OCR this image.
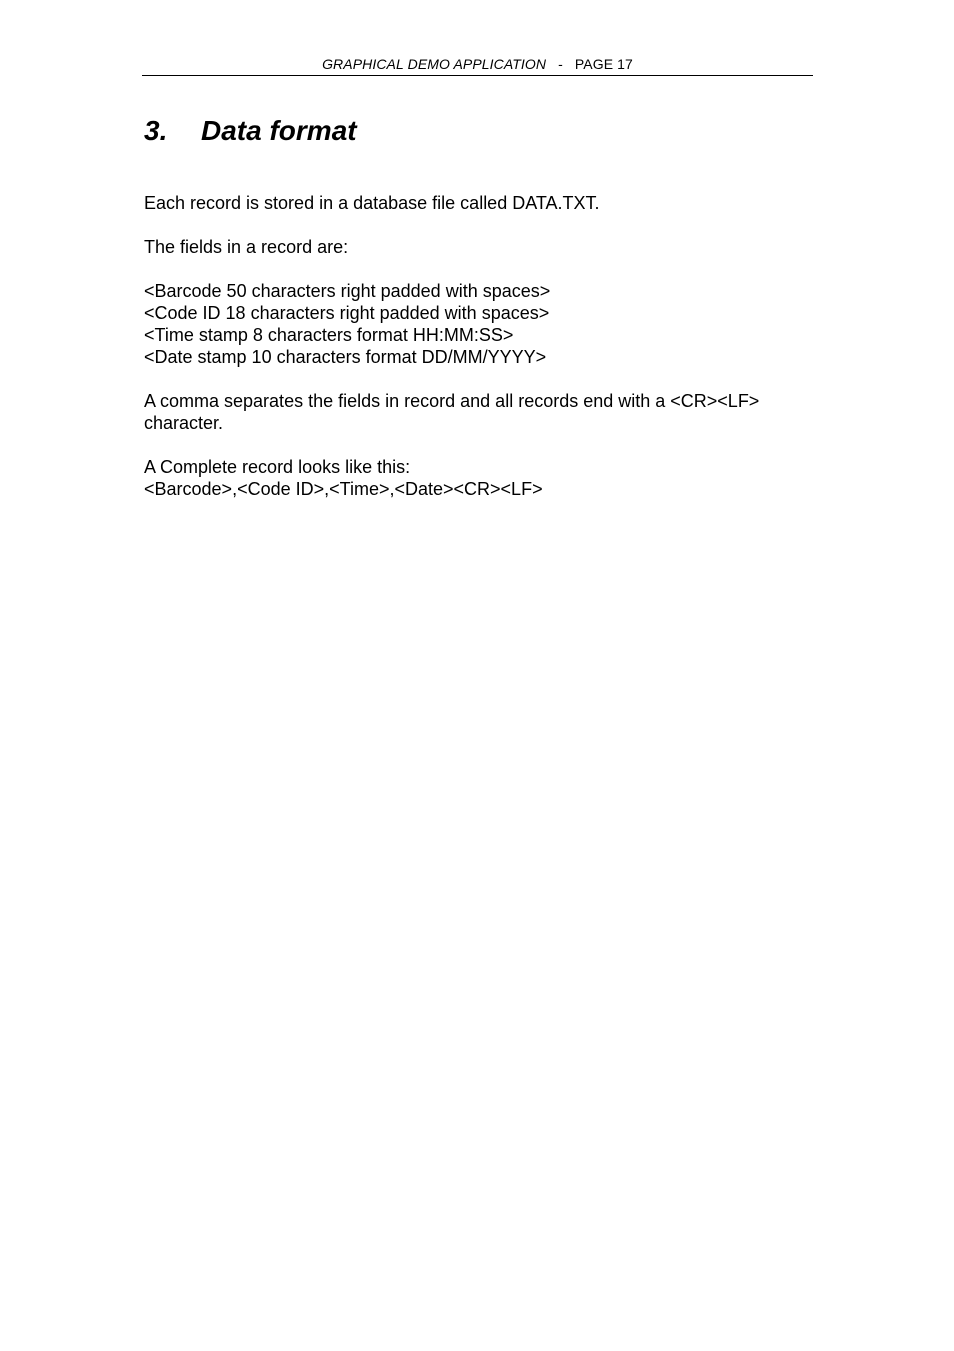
GRAPHICAL DEMO APPLICATION - PAGE 17
3. Data format

Each record is stored in a database file called DATA.TXT.

The fields in a record are:

<Barcode 50 characters right padded with spaces>

<Code ID 18 characters right padded with spaces>

<Time stamp 8 characters format HH:MM:SS>

<Date stamp 10 characters format DD/MM/YYYY>

A comma separates the fields in record and all records end with a <CR><LF>

character.

A Complete record looks like this:

<Barcode>,<Code ID>,<Time>,<Date><CR><LF>
